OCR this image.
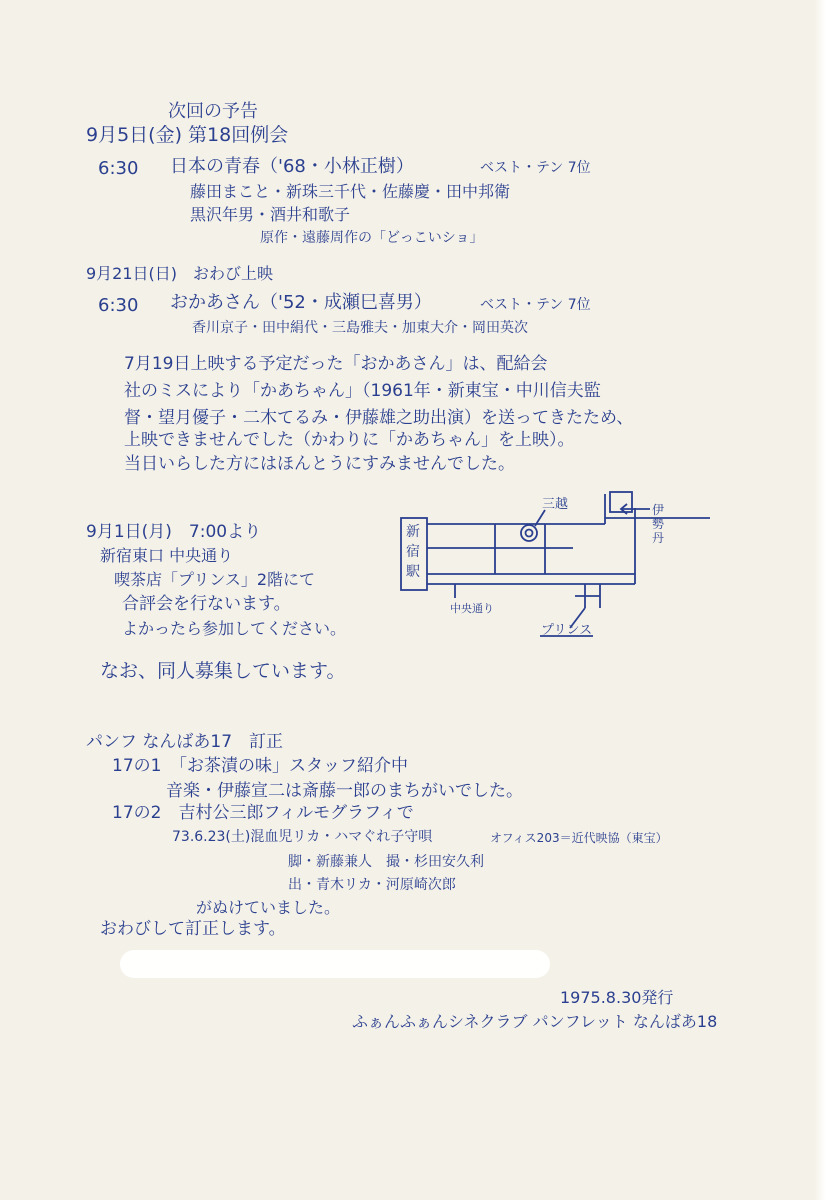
次回の予告
9月5日(金) 第18回例会
6:30 日本の青春（'68・小林正樹）	ベスト・テン 7位
藤田まこと・新珠三千代・佐藤慶・田中邦衛
黒沢年男・酒井和歌子
原作・遠藤周作の「どっこいショ」
9月21日(日)　おわび上映
6:30 おかあさん（'52・成瀬巳喜男）	ベスト・テン 7位
香川京子・田中絹代・三島雅夫・加東大介・岡田英次
7月19日上映する予定だった「おかあさん」は、配給会
社のミスにより「かあちゃん」（1961年・新東宝・中川信夫監
督・望月優子・二木てるみ・伊藤雄之助出演）を送ってきたため、
上映できませんでした（かわりに「かあちゃん」を上映）。
当日いらした方にはほんとうにすみませんでした。
9月1日(月)　7:00より
新宿東口 中央通り
喫茶店「プリンス」2階にて
合評会を行ないます。
よかったら参加してください。
三越
中央通り
プリンス
新宿駅
伊勢丹
なお、同人募集しています。
パンフ なんばあ17　訂正
17の1　「お茶漬の味」スタッフ紹介中
音楽・伊藤宣二は斎藤一郎のまちがいでした。
17の2　吉村公三郎フィルモグラフィで
73.6.23(土)混血児リカ・ハマぐれ子守唄	オフィス203＝近代映協（東宝）
脚・新藤兼人　撮・杉田安久利
出・青木リカ・河原崎次郎
がぬけていました。
おわびして訂正します。
1975.8.30発行
ふぁんふぁんシネクラブ パンフレット なんばあ18
